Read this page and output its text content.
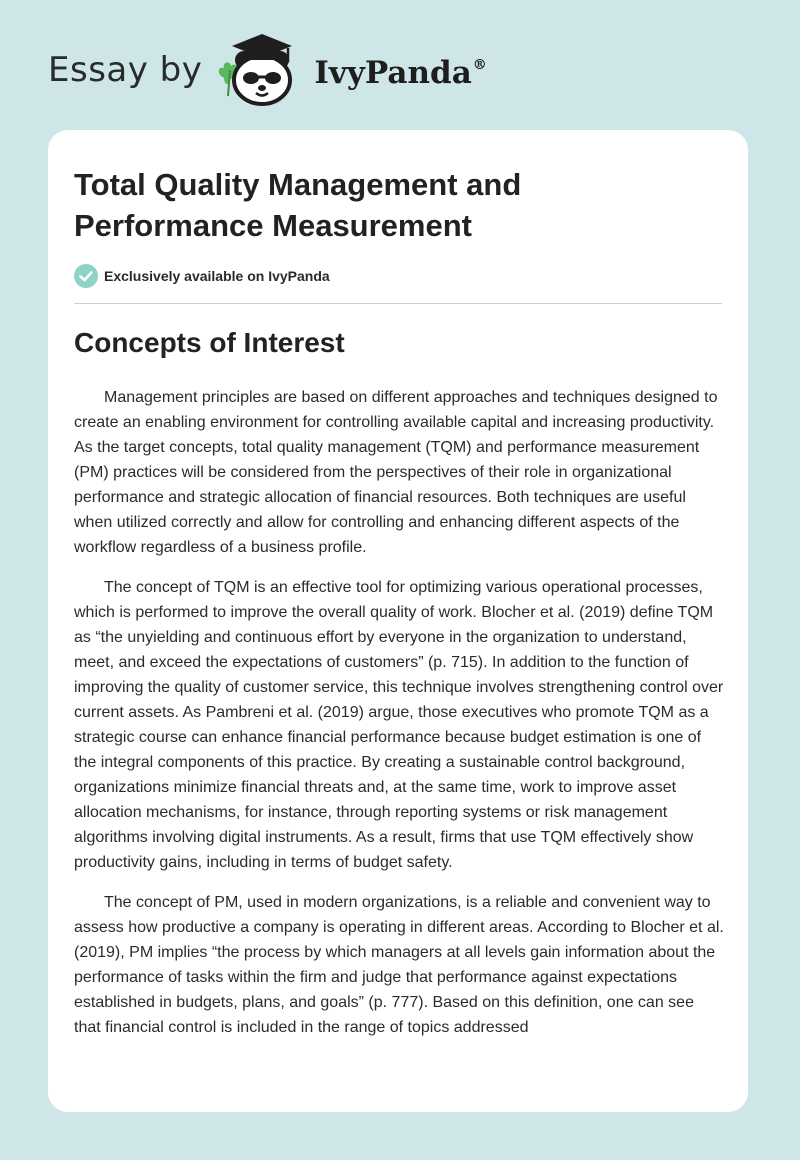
Essay by	IvyPanda®
Total Quality Management and Performance Measurement
Exclusively available on IvyPanda
Concepts of Interest

Management principles are based on different approaches and techniques designed to create an enabling environment for controlling available capital and increasing productivity. As the target concepts, total quality management (TQM) and performance measurement (PM) practices will be considered from the perspectives of their role in organizational performance and strategic allocation of financial resources. Both techniques are useful when utilized correctly and allow for controlling and enhancing different aspects of the workflow regardless of a business profile.

The concept of TQM is an effective tool for optimizing various operational processes, which is performed to improve the overall quality of work. Blocher et al. (2019) define TQM as “the unyielding and continuous effort by everyone in the organization to understand, meet, and exceed the expectations of customers” (p. 715). In addition to the function of improving the quality of customer service, this technique involves strengthening control over current assets. As Pambreni et al. (2019) argue, those executives who promote TQM as a strategic course can enhance financial performance because budget estimation is one of the integral components of this practice. By creating a sustainable control background, organizations minimize financial threats and, at the same time, work to improve asset allocation mechanisms, for instance, through reporting systems or risk management algorithms involving digital instruments. As a result, firms that use TQM effectively show productivity gains, including in terms of budget safety.

The concept of PM, used in modern organizations, is a reliable and convenient way to assess how productive a company is operating in different areas. According to Blocher et al. (2019), PM implies “the process by which managers at all levels gain information about the performance of tasks within the firm and judge that performance against expectations established in budgets, plans, and goals” (p. 777). Based on this definition, one can see that financial control is included in the range of topics addressed
